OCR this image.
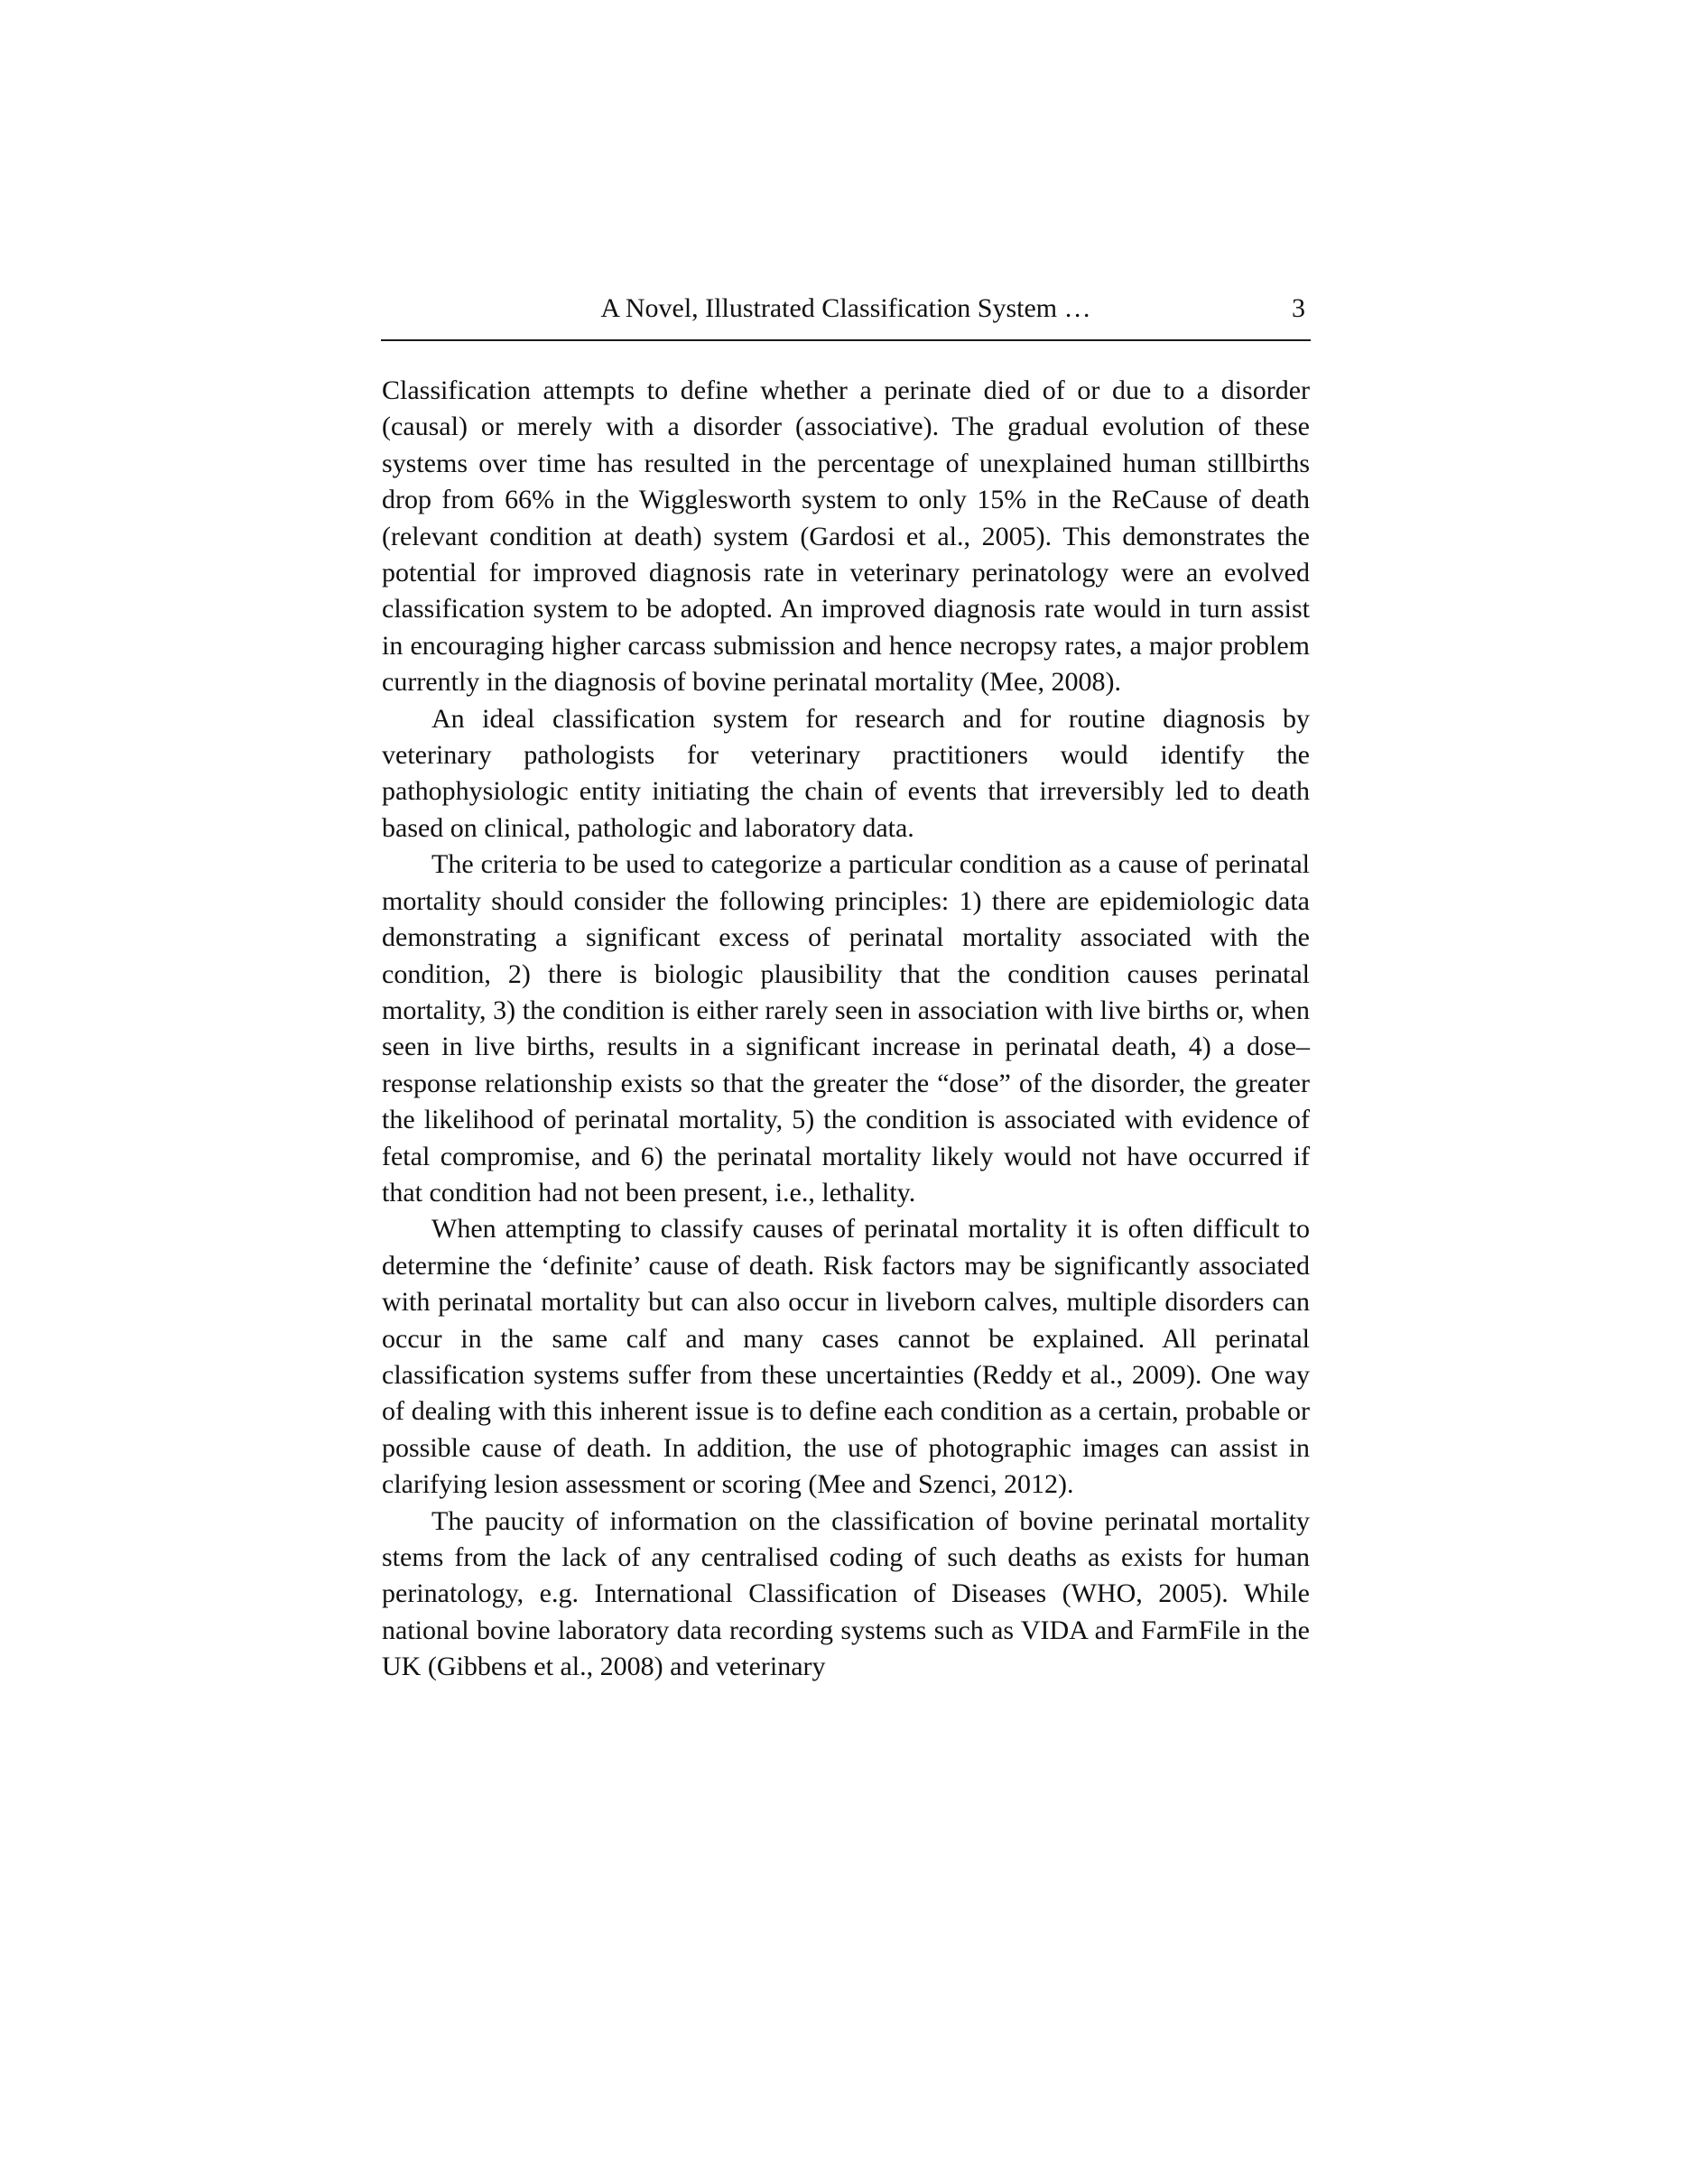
A Novel, Illustrated Classification System …	3

Classification attempts to define whether a perinate died of or due to a disorder (causal) or merely with a disorder (associative). The gradual evolution of these systems over time has resulted in the percentage of unexplained human stillbirths drop from 66% in the Wigglesworth system to only 15% in the ReCause of death (relevant condition at death) system (Gardosi et al., 2005). This demonstrates the potential for improved diagnosis rate in veterinary perinatology were an evolved classification system to be adopted. An improved diagnosis rate would in turn assist in encouraging higher carcass submission and hence necropsy rates, a major problem currently in the diagnosis of bovine perinatal mortality (Mee, 2008).

An ideal classification system for research and for routine diagnosis by veterinary pathologists for veterinary practitioners would identify the pathophysiologic entity initiating the chain of events that irreversibly led to death based on clinical, pathologic and laboratory data.

The criteria to be used to categorize a particular condition as a cause of perinatal mortality should consider the following principles: 1) there are epidemiologic data demonstrating a significant excess of perinatal mortality associated with the condition, 2) there is biologic plausibility that the condition causes perinatal mortality, 3) the condition is either rarely seen in association with live births or, when seen in live births, results in a significant increase in perinatal death, 4) a dose–response relationship exists so that the greater the “dose” of the disorder, the greater the likelihood of perinatal mortality, 5) the condition is associated with evidence of fetal compromise, and 6) the perinatal mortality likely would not have occurred if that condition had not been present, i.e., lethality.

When attempting to classify causes of perinatal mortality it is often difficult to determine the ‘definite’ cause of death. Risk factors may be significantly associated with perinatal mortality but can also occur in liveborn calves, multiple disorders can occur in the same calf and many cases cannot be explained. All perinatal classification systems suffer from these uncertainties (Reddy et al., 2009). One way of dealing with this inherent issue is to define each condition as a certain, probable or possible cause of death. In addition, the use of photographic images can assist in clarifying lesion assessment or scoring (Mee and Szenci, 2012).

The paucity of information on the classification of bovine perinatal mortality stems from the lack of any centralised coding of such deaths as exists for human perinatology, e.g. International Classification of Diseases (WHO, 2005). While national bovine laboratory data recording systems such as VIDA and FarmFile in the UK (Gibbens et al., 2008) and veterinary
